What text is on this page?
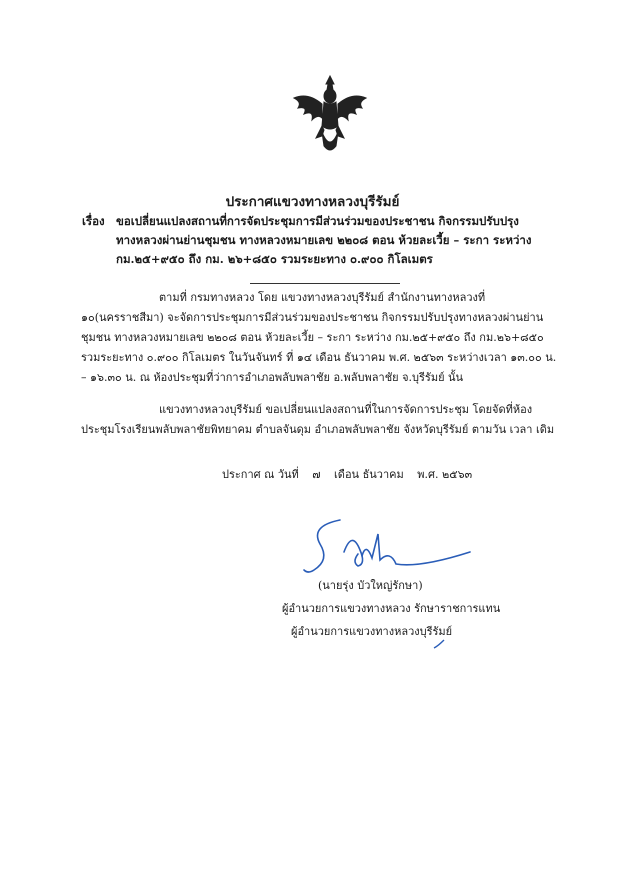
ประกาศแขวงทางหลวงบุรีรัมย์
เรื่อง ขอเปลี่ยนแปลงสถานที่การจัดประชุมการมีส่วนร่วมของประชาชน กิจกรรมปรับปรุงทางหลวงผ่านย่านชุมชน ทางหลวงหมายเลข ๒๒๐๘ ตอน ห้วยละเวี้ย – ระกา ระหว่าง กม.๒๕+๙๕๐ ถึง กม. ๒๖+๘๕๐ รวมระยะทาง ๐.๙๐๐ กิโลเมตร
ตามที่ กรมทางหลวง โดย แขวงทางหลวงบุรีรัมย์ สำนักงานทางหลวงที่ ๑๐(นครราชสีมา) จะจัดการประชุมการมีส่วนร่วมของประชาชน กิจกรรมปรับปรุงทางหลวงผ่านย่านชุมชน ทางหลวงหมายเลข ๒๒๐๘ ตอน ห้วยละเวี้ย – ระกา ระหว่าง กม.๒๕+๙๕๐ ถึง กม.๒๖+๘๕๐ รวมระยะทาง ๐.๙๐๐ กิโลเมตร ในวันจันทร์ ที่ ๑๔ เดือน ธันวาคม พ.ศ. ๒๕๖๓ ระหว่างเวลา ๑๓.๐๐ น. – ๑๖.๓๐ น. ณ ห้องประชุมที่ว่าการอำเภอพลับพลาชัย อ.พลับพลาชัย จ.บุรีรัมย์ นั้น
แขวงทางหลวงบุรีรัมย์ ขอเปลี่ยนแปลงสถานที่ในการจัดการประชุม โดยจัดที่ห้องประชุมโรงเรียนพลับพลาชัยพิทยาคม ตำบลจันดุม อำเภอพลับพลาชัย จังหวัดบุรีรัมย์ ตามวัน เวลา เดิม
ประกาศ ณ วันที่ ๗ เดือน ธันวาคม พ.ศ. ๒๕๖๓
(นายรุ่ง บัวใหญ่รักษา)
ผู้อำนวยการแขวงทางหลวง รักษาราชการแทน
ผู้อำนวยการแขวงทางหลวงบุรีรัมย์
